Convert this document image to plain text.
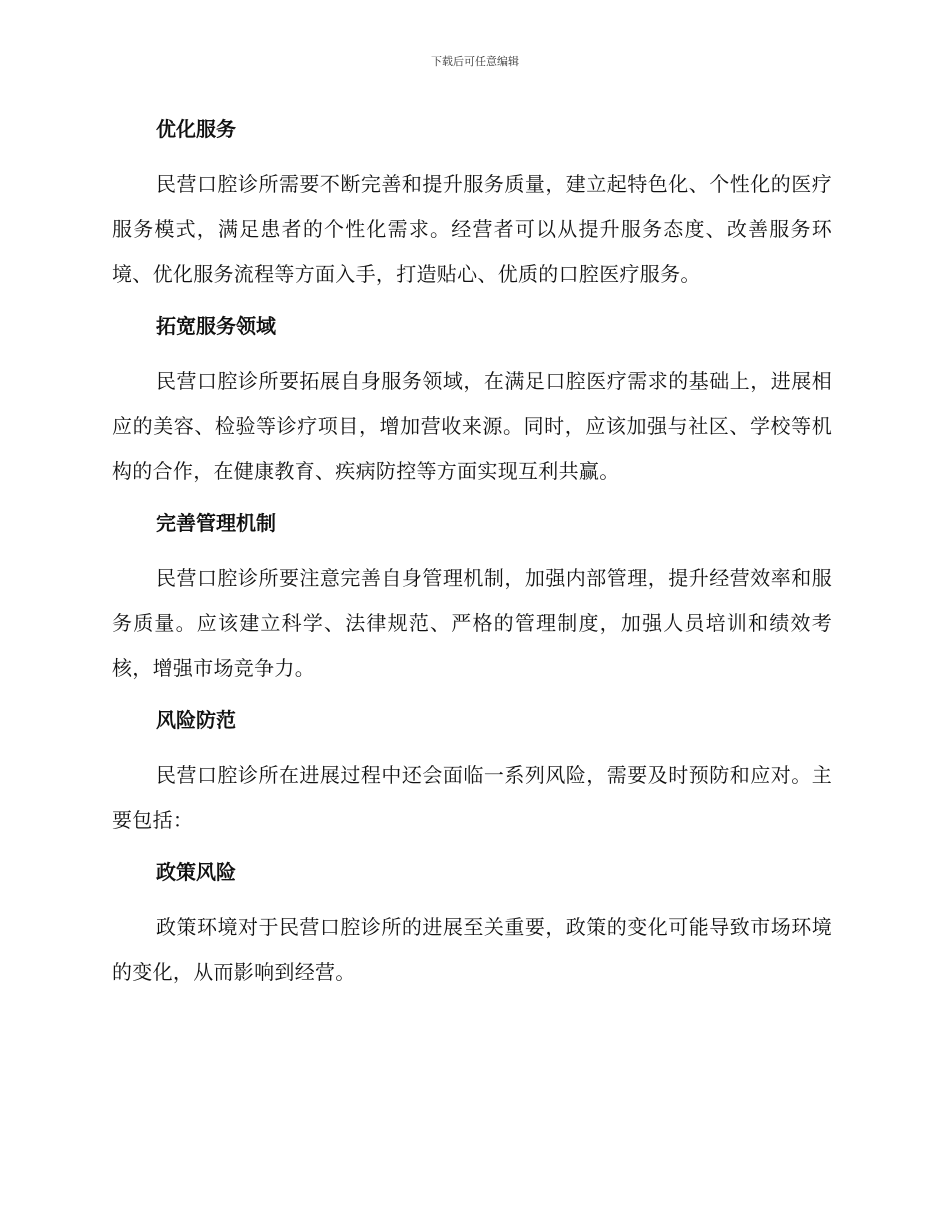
下载后可任意编辑
优化服务
民营口腔诊所需要不断完善和提升服务质量，建立起特色化、个性化的医疗服务模式，满足患者的个性化需求。经营者可以从提升服务态度、改善服务环境、优化服务流程等方面入手，打造贴心、优质的口腔医疗服务。
拓宽服务领域
民营口腔诊所要拓展自身服务领域，在满足口腔医疗需求的基础上，进展相应的美容、检验等诊疗项目，增加营收来源。同时，应该加强与社区、学校等机构的合作，在健康教育、疾病防控等方面实现互利共赢。
完善管理机制
民营口腔诊所要注意完善自身管理机制，加强内部管理，提升经营效率和服务质量。应该建立科学、法律规范、严格的管理制度，加强人员培训和绩效考核，增强市场竞争力。
风险防范
民营口腔诊所在进展过程中还会面临一系列风险，需要及时预防和应对。主要包括：
政策风险
政策环境对于民营口腔诊所的进展至关重要，政策的变化可能导致市场环境的变化，从而影响到经营。
